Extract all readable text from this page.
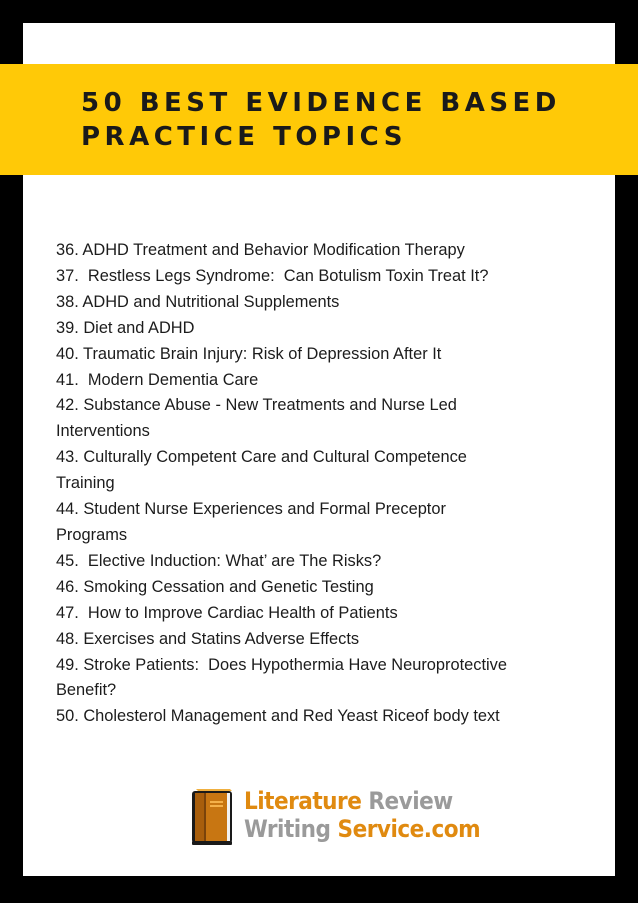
50 BEST EVIDENCE BASED
PRACTICE TOPICS
36. ADHD Treatment and Behavior Modification Therapy
37.  Restless Legs Syndrome:  Can Botulism Toxin Treat It?
38. ADHD and Nutritional Supplements
39. Diet and ADHD
40. Traumatic Brain Injury: Risk of Depression After It
41.  Modern Dementia Care
42. Substance Abuse - New Treatments and Nurse Led
Interventions
43. Culturally Competent Care and Cultural Competence
Training
44. Student Nurse Experiences and Formal Preceptor
Programs
45.  Elective Induction: What’ are The Risks?
46. Smoking Cessation and Genetic Testing
47.  How to Improve Cardiac Health of Patients
48. Exercises and Statins Adverse Effects
49. Stroke Patients:  Does Hypothermia Have Neuroprotective
Benefit?
50. Cholesterol Management and Red Yeast Riceof body text
Literature Review
Writing Service.com
